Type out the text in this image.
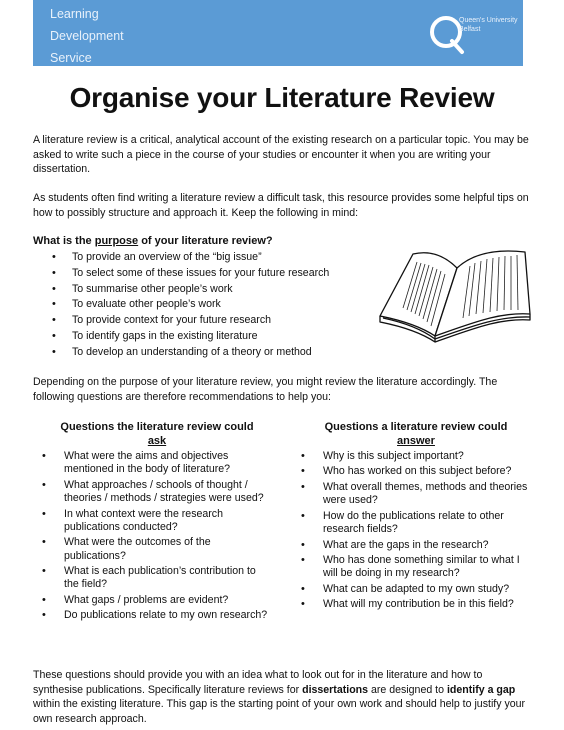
Learning
Development
Service
Queen's University
Belfast
Organise your Literature Review

A literature review is a critical, analytical account of the existing research on a particular topic. You may be asked to write such a piece in the course of your studies or encounter it when you are writing your dissertation.

As students often find writing a literature review a difficult task, this resource provides some helpful tips on how to possibly structure and approach it. Keep the following in mind:

What is the purpose of your literature review?
• To provide an overview of the “big issue”
• To select some of these issues for your future research
• To summarise other people’s work
• To evaluate other people’s work
• To provide context for your future research
• To identify gaps in the existing literature
• To develop an understanding of a theory or method

Depending on the purpose of your literature review, you might review the literature accordingly. The following questions are therefore recommendations to help you:

Questions the literature review could
ask
• What were the aims and objectives mentioned in the body of literature?
• What approaches / schools of thought / theories / methods / strategies were used?
• In what context were the research publications conducted?
• What were the outcomes of the publications?
• What is each publication’s contribution to the field?
• What gaps / problems are evident?
• Do publications relate to my own research?
Questions a literature review could
answer
• Why is this subject important?
• Who has worked on this subject before?
• What overall themes, methods and theories were used?
• How do the publications relate to other research fields?
• What are the gaps in the research?
• Who has done something similar to what I will be doing in my research?
• What can be adapted to my own study?
• What will my contribution be in this field?

These questions should provide you with an idea what to look out for in the literature and how to synthesise publications. Specifically literature reviews for dissertations are designed to identify a gap within the existing literature. This gap is the starting point of your own work and should help to justify your own research approach.
